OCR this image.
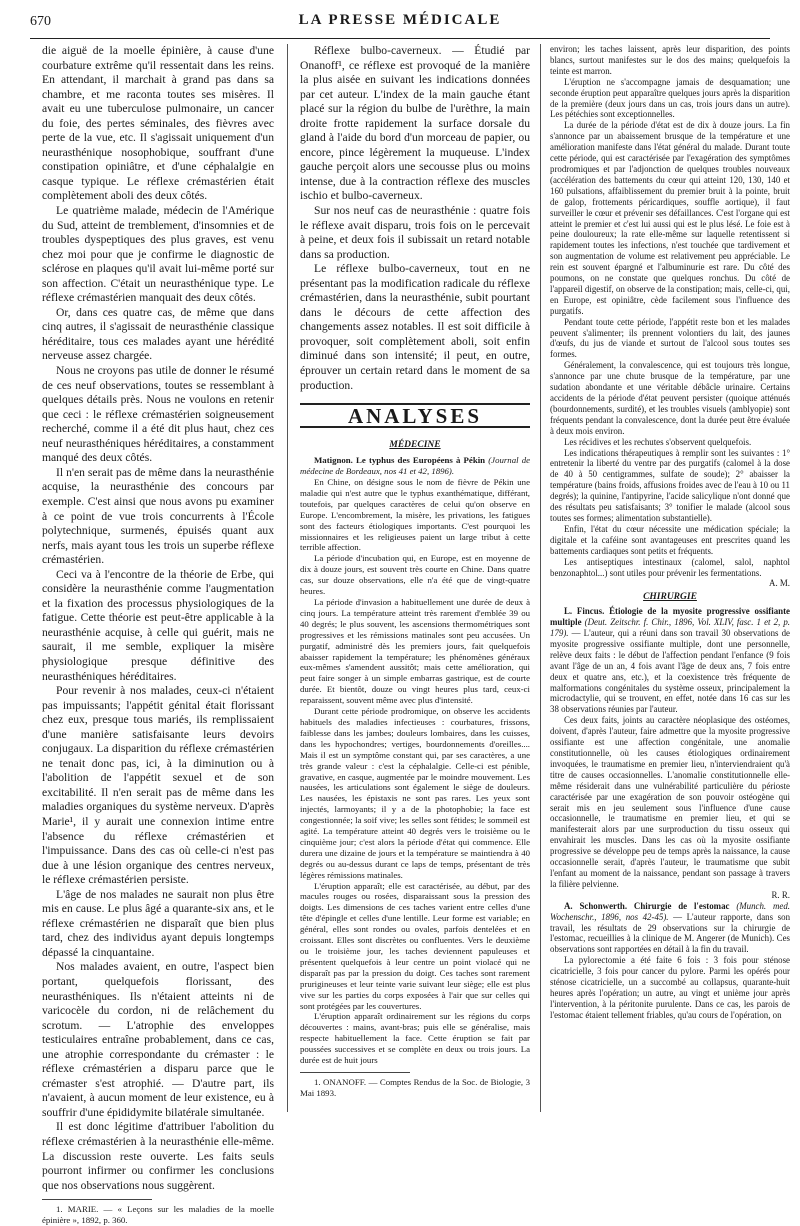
670	LA PRESSE MÉDICALE

die aiguë de la moelle épinière, à cause d'une courbature extrême qu'il ressentait dans les reins. En attendant, il marchait à grand pas dans sa chambre, et me raconta toutes ses misères. Il avait eu une tuberculose pulmonaire, un cancer du foie, des pertes séminales, des fièvres avec perte de la vue, etc. Il s'agissait uniquement d'un neurasthénique nosophobique, souffrant d'une constipation opiniâtre, et d'une céphalalgie en casque typique. Le réflexe crémastérien était complètement aboli des deux côtés.

Le quatrième malade, médecin de l'Amérique du Sud, atteint de tremblement, d'insomnies et de troubles dyspeptiques des plus graves, est venu chez moi pour que je confirme le diagnostic de sclérose en plaques qu'il avait lui-même porté sur son affection. C'était un neurasthénique type. Le réflexe crémastérien manquait des deux côtés.

Or, dans ces quatre cas, de même que dans cinq autres, il s'agissait de neurasthénie classique héréditaire, tous ces malades ayant une hérédité nerveuse assez chargée.

Nous ne croyons pas utile de donner le résumé de ces neuf observations, toutes se ressemblant à quelques détails près. Nous ne voulons en retenir que ceci : le réflexe crémastérien soigneusement recherché, comme il a été dit plus haut, chez ces neuf neurasthéniques héréditaires, a constamment manqué des deux côtés.

Il n'en serait pas de même dans la neurasthénie acquise, la neurasthénie des concours par exemple. C'est ainsi que nous avons pu examiner à ce point de vue trois concurrents à l'École polytechnique, surmenés, épuisés quant aux nerfs, mais ayant tous les trois un superbe réflexe crémastérien.

Ceci va à l'encontre de la théorie de Erbe, qui considère la neurasthénie comme l'augmentation et la fixation des processus physiologiques de la fatigue. Cette théorie est peut-être applicable à la neurasthénie acquise, à celle qui guérit, mais ne saurait, il me semble, expliquer la misère physiologique presque définitive des neurasthéniques héréditaires.

Pour revenir à nos malades, ceux-ci n'étaient pas impuissants; l'appétit génital était florissant chez eux, presque tous mariés, ils remplissaient d'une manière satisfaisante leurs devoirs conjugaux. La disparition du réflexe crémastérien ne tenait donc pas, ici, à la diminution ou à l'abolition de l'appétit sexuel et de son excitabilité. Il n'en serait pas de même dans les maladies organiques du système nerveux. D'après Marie¹, il y aurait une connexion intime entre l'absence du réflexe crémastérien et l'impuissance. Dans des cas où celle-ci n'est pas due à une lésion organique des centres nerveux, le réflexe crémastérien persiste.

L'âge de nos malades ne saurait non plus être mis en cause. Le plus âgé a quarante-six ans, et le réflexe crémastérien ne disparaît que bien plus tard, chez des individus ayant depuis longtemps dépassé la cinquantaine.

Nos malades avaient, en outre, l'aspect bien portant, quelquefois florissant, des neurasthéniques. Ils n'étaient atteints ni de varicocèle du cordon, ni de relâchement du scrotum. — L'atrophie des enveloppes testiculaires entraîne probablement, dans ce cas, une atrophie correspondante du crémaster : le réflexe crémastérien a disparu parce que le crémaster s'est atrophié. — D'autre part, ils n'avaient, à aucun moment de leur existence, eu à souffrir d'une épididymite bilatérale simultanée.

Il est donc légitime d'attribuer l'abolition du réflexe crémastérien à la neurasthénie elle-même. La discussion reste ouverte. Les faits seuls pourront infirmer ou confirmer les conclusions que nos observations nous suggèrent.

1. MARIE. — « Leçons sur les maladies de la moelle épinière », 1892, p. 360.

Réflexe bulbo-caverneux. — Étudié par Onanoff¹, ce réflexe est provoqué de la manière la plus aisée en suivant les indications données par cet auteur. L'index de la main gauche étant placé sur la région du bulbe de l'urèthre, la main droite frotte rapidement la surface dorsale du gland à l'aide du bord d'un morceau de papier, ou encore, pince légèrement la muqueuse. L'index gauche perçoit alors une secousse plus ou moins intense, due à la contraction réflexe des muscles ischio et bulbo-caverneux.

Sur nos neuf cas de neurasthénie : quatre fois le réflexe avait disparu, trois fois on le percevait à peine, et deux fois il subissait un retard notable dans sa production.

Le réflexe bulbo-caverneux, tout en ne présentant pas la modification radicale du réflexe crémastérien, dans la neurasthénie, subit pourtant dans le décours de cette affection des changements assez notables. Il est soit difficile à provoquer, soit complètement aboli, soit enfin diminué dans son intensité; il peut, en outre, éprouver un certain retard dans le moment de sa production.

ANALYSES
MÉDECINE

Matignon. Le typhus des Européens à Pékin (Journal de médecine de Bordeaux, nos 41 et 42, 1896).

En Chine, on désigne sous le nom de fièvre de Pékin une maladie qui n'est autre que le typhus exanthématique, différant, toutefois, par quelques caractères de celui qu'on observe en Europe. L'encombrement, la misère, les privations, les fatigues sont des facteurs étiologiques importants. C'est pourquoi les missionnaires et les religieuses paient un large tribut à cette terrible affection.

La période d'incubation qui, en Europe, est en moyenne de dix à douze jours, est souvent très courte en Chine. Dans quatre cas, sur douze observations, elle n'a été que de vingt-quatre heures.

La période d'invasion a habituellement une durée de deux à cinq jours. La température atteint très rarement d'emblée 39 ou 40 degrés; le plus souvent, les ascensions thermométriques sont progressives et les rémissions matinales sont peu accusées. Un purgatif, administré dès les premiers jours, fait quelquefois abaisser rapidement la température; les phénomènes généraux eux-mêmes s'amendent aussitôt; mais cette amélioration, qui peut faire songer à un simple embarras gastrique, est de courte durée. Et bientôt, douze ou vingt heures plus tard, ceux-ci reparaissent, souvent même avec plus d'intensité.

Durant cette période prodromique, on observe les accidents habituels des maladies infectieuses : courbatures, frissons, faiblesse dans les jambes; douleurs lombaires, dans les cuisses, dans les hypochondres; vertiges, bourdonnements d'oreilles.... Mais il est un symptôme constant qui, par ses caractères, a une très grande valeur : c'est la céphalalgie. Celle-ci est pénible, gravative, en casque, augmentée par le moindre mouvement. Les nausées, les articulations sont également le siège de douleurs. Les nausées, les épistaxis ne sont pas rares. Les yeux sont injectés, larmoyants; il y a de la photophobie; la face est congestionnée; la soif vive; les selles sont fétides; le sommeil est agité. La température atteint 40 degrés vers le troisième ou le cinquième jour; c'est alors la période d'état qui commence. Elle durera une dizaine de jours et la température se maintiendra à 40 degrés ou au-dessus durant ce laps de temps, présentant de très légères rémissions matinales.

L'éruption apparaît; elle est caractérisée, au début, par des macules rouges ou rosées, disparaissant sous la pression des doigts. Les dimensions de ces taches varient entre celles d'une tête d'épingle et celles d'une lentille. Leur forme est variable; en général, elles sont rondes ou ovales, parfois dentelées et en croissant. Elles sont discrètes ou confluentes. Vers le deuxième ou le troisième jour, les taches deviennent papuleuses et présentent quelquefois à leur centre un point violacé qui ne disparaît pas par la pression du doigt. Ces taches sont rarement prurigineuses et leur teinte varie suivant leur siège; elle est plus vive sur les parties du corps exposées à l'air que sur celles qui sont protégées par les couvertures.

L'éruption apparaît ordinairement sur les régions du corps découvertes : mains, avant-bras; puis elle se généralise, mais respecte habituellement la face. Cette éruption se fait par poussées successives et se complète en deux ou trois jours. La durée est de huit jours

1. ONANOFF. — Comptes Rendus de la Soc. de Biologie, 3 Mai 1893.

environ; les taches laissent, après leur disparition, des points blancs, surtout manifestes sur le dos des mains; quelquefois la teinte est marron.

L'éruption ne s'accompagne jamais de desquamation; une seconde éruption peut apparaître quelques jours après la disparition de la première (deux jours dans un cas, trois jours dans un autre). Les pétéchies sont exceptionnelles.

La durée de la période d'état est de dix à douze jours. La fin s'annonce par un abaissement brusque de la température et une amélioration manifeste dans l'état général du malade. Durant toute cette période, qui est caractérisée par l'exagération des symptômes prodromiques et par l'adjonction de quelques troubles nouveaux (accélération des battements du cœur qui atteint 120, 130, 140 et 160 pulsations, affaiblissement du premier bruit à la pointe, bruit de galop, frottements péricardiques, souffle aortique), il faut surveiller le cœur et prévenir ses défaillances. C'est l'organe qui est atteint le premier et c'est lui aussi qui est le plus lésé. Le foie est à peine douloureux; la rate elle-même sur laquelle retentissent si rapidement toutes les infections, n'est touchée que tardivement et son augmentation de volume est relativement peu appréciable. Le rein est souvent épargné et l'albuminurie est rare. Du côté des poumons, on ne constate que quelques ronchus. Du côté de l'appareil digestif, on observe de la constipation; mais, celle-ci, qui, en Europe, est opiniâtre, cède facilement sous l'influence des purgatifs.

Pendant toute cette période, l'appétit reste bon et les malades peuvent s'alimenter; ils prennent volontiers du lait, des jaunes d'œufs, du jus de viande et surtout de l'alcool sous toutes ses formes.

Généralement, la convalescence, qui est toujours très longue, s'annonce par une chute brusque de la température, par une sudation abondante et une véritable débâcle urinaire. Certains accidents de la période d'état peuvent persister (quoique atténués (bourdonnements, surdité), et les troubles visuels (amblyopie) sont fréquents pendant la convalescence, dont la durée peut être évaluée à deux mois environ.

Les récidives et les rechutes s'observent quelquefois.

Les indications thérapeutiques à remplir sont les suivantes : 1° entretenir la liberté du ventre par des purgatifs (calomel à la dose de 40 à 50 centigrammes, sulfate de soude); 2° abaisser la température (bains froids, affusions froides avec de l'eau à 10 ou 11 degrés); la quinine, l'antipyrine, l'acide salicylique n'ont donné que des résultats peu satisfaisants; 3° tonifier le malade (alcool sous toutes ses formes; alimentation substantielle).

Enfin, l'état du cœur nécessite une médication spéciale; la digitale et la caféine sont avantageuses ent prescrites quand les battements cardiaques sont petits et fréquents.

Les antiseptiques intestinaux (calomel, salol, naphtol benzonaphtol...) sont utiles pour prévenir les fermentations.

A. M.
CHIRURGIE

L. Fincus. Étiologie de la myosite progressive ossifiante multiple (Deut. Zeitschr. f. Chir., 1896, Vol. XLIV, fasc. 1 et 2, p. 179). — L'auteur, qui a réuni dans son travail 30 observations de myosite progressive ossifiante multiple, dont une personnelle, relève deux faits : le début de l'affection pendant l'enfance (9 fois avant l'âge de un an, 4 fois avant l'âge de deux ans, 7 fois entre deux et quatre ans, etc.), et la coexistence très fréquente de malformations congénitales du système osseux, principalement la microdactylie, qui se trouvent, en effet, notée dans 16 cas sur les 38 observations réunies par l'auteur.

Ces deux faits, joints au caractère néoplasique des ostéomes, doivent, d'après l'auteur, faire admettre que la myosite progressive ossifiante est une affection congénitale, une anomalie constitutionnelle, où les causes étiologiques ordinairement invoquées, le traumatisme en premier lieu, n'interviendraient qu'à titre de causes occasionnelles. L'anomalie constitutionnelle elle-même résiderait dans une vulnérabilité particulière du périoste caractérisée par une exagération de son pouvoir ostéogène qui serait mis en jeu seulement sous l'influence d'une cause occasionnelle, le traumatisme en premier lieu, et qui se manifesterait alors par une surproduction du tissu osseux qui envahirait les muscles. Dans les cas où la myosite ossifiante progressive se développe peu de temps après la naissance, la cause occasionnelle serait, d'après l'auteur, le traumatisme que subit l'enfant au moment de la naissance, pendant son passage à travers la filière pelvienne.

R. R.

A. Schonwerth. Chirurgie de l'estomac (Munch. med. Wochenschr., 1896, nos 42-45). — L'auteur rapporte, dans son travail, les résultats de 29 observations sur la chirurgie de l'estomac, recueillies à la clinique de M. Angerer (de Munich). Ces observations sont rapportées en détail à la fin du travail.

La pylorectomie a été faite 6 fois : 3 fois pour sténose cicatricielle, 3 fois pour cancer du pylore. Parmi les opérés pour sténose cicatricielle, un a succombé au collapsus, quarante-huit heures après l'opération; un autre, au vingt et unième jour après l'intervention, à la péritonite purulente. Dans ce cas, les parois de l'estomac étaient tellement friables, qu'au cours de l'opération, on
